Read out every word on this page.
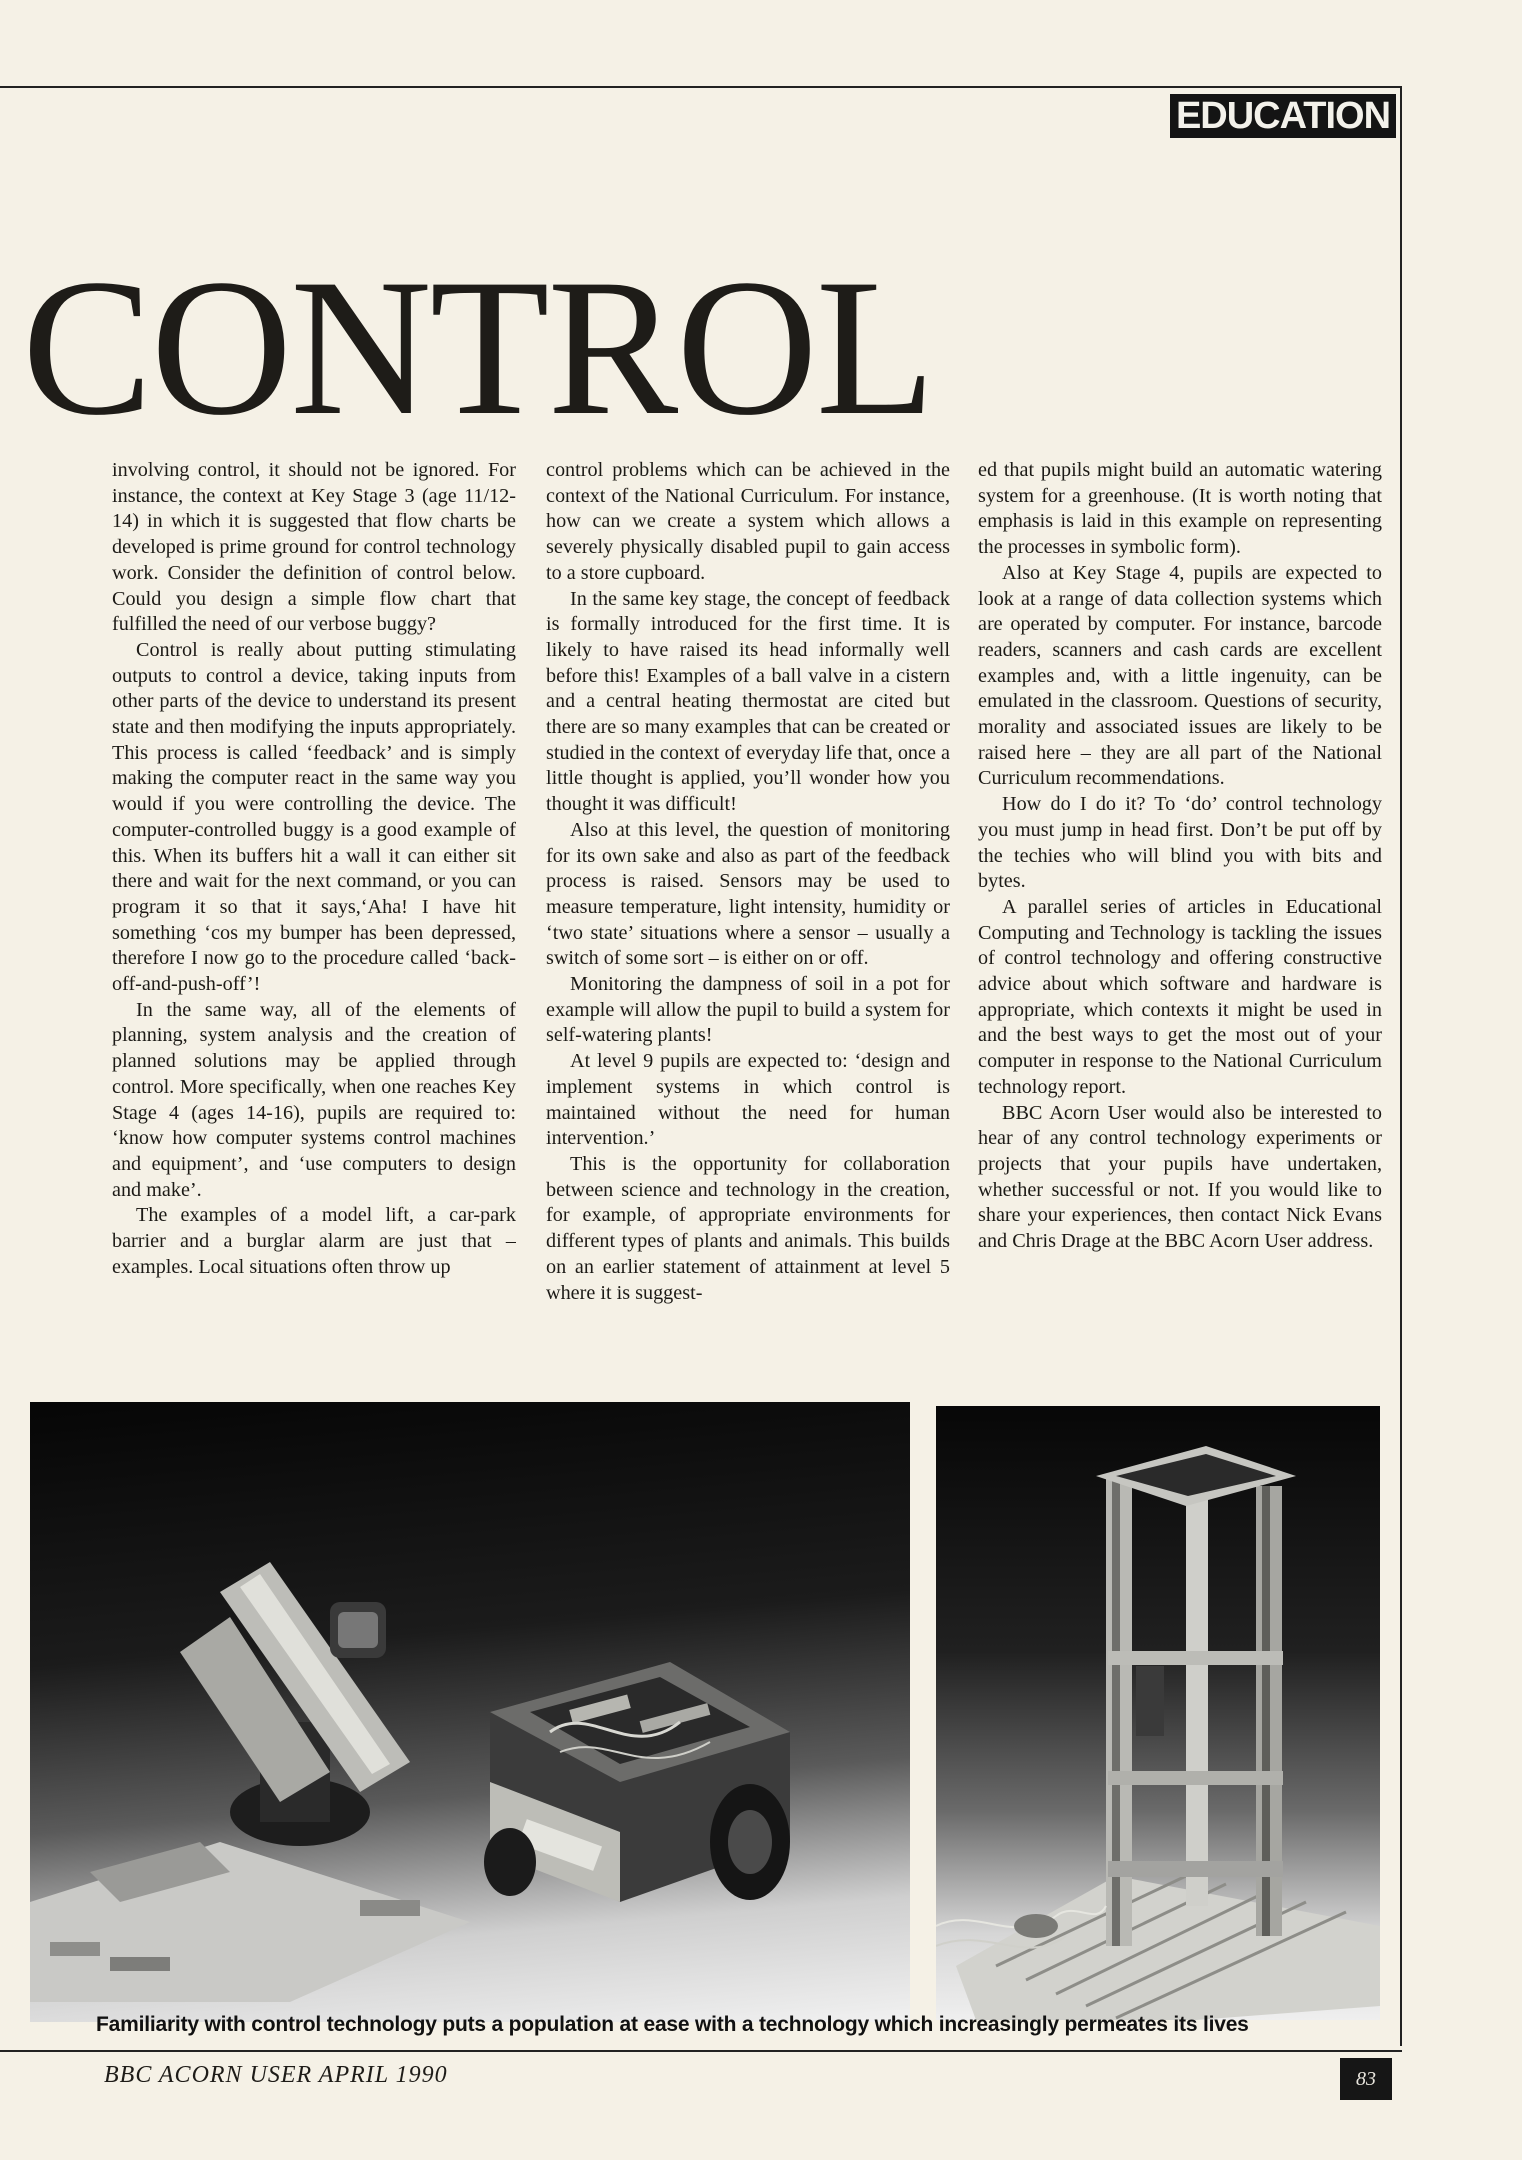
EDUCATION
CONTROL

involving control, it should not be ignored. For instance, the context at Key Stage 3 (age 11/12-14) in which it is suggested that flow charts be developed is prime ground for control technology work. Consider the definition of control below. Could you design a simple flow chart that fulfilled the need of our verbose buggy?

Control is really about putting stimulating outputs to control a device, taking inputs from other parts of the device to understand its present state and then modifying the inputs appropriately. This process is called ‘feedback’ and is simply making the computer react in the same way you would if you were controlling the device. The computer-controlled buggy is a good example of this. When its buffers hit a wall it can either sit there and wait for the next command, or you can program it so that it says,‘Aha! I have hit something ‘cos my bumper has been depressed, therefore I now go to the procedure called ‘back-off-and-push-off’!

In the same way, all of the elements of planning, system analysis and the creation of planned solutions may be applied through control. More specifically, when one reaches Key Stage 4 (ages 14-16), pupils are required to: ‘know how computer systems control machines and equipment’, and ‘use computers to design and make’.

The examples of a model lift, a car-park barrier and a burglar alarm are just that – examples. Local situations often throw up

control problems which can be achieved in the context of the National Curriculum. For instance, how can we create a system which allows a severely physically disabled pupil to gain access to a store cupboard.

In the same key stage, the concept of feedback is formally introduced for the first time. It is likely to have raised its head informally well before this! Examples of a ball valve in a cistern and a central heating thermostat are cited but there are so many examples that can be created or studied in the context of everyday life that, once a little thought is applied, you’ll wonder how you thought it was difficult!

Also at this level, the question of monitoring for its own sake and also as part of the feedback process is raised. Sensors may be used to measure temperature, light intensity, humidity or ‘two state’ situations where a sensor – usually a switch of some sort – is either on or off.

Monitoring the dampness of soil in a pot for example will allow the pupil to build a system for self-watering plants!

At level 9 pupils are expected to: ‘design and implement systems in which control is maintained without the need for human intervention.’

This is the opportunity for collaboration between science and technology in the creation, for example, of appropriate environments for different types of plants and animals. This builds on an earlier statement of attainment at level 5 where it is suggest-

ed that pupils might build an automatic watering system for a greenhouse. (It is worth noting that emphasis is laid in this example on representing the processes in symbolic form).

Also at Key Stage 4, pupils are expected to look at a range of data collection systems which are operated by computer. For instance, barcode readers, scanners and cash cards are excellent examples and, with a little ingenuity, can be emulated in the classroom. Questions of security, morality and associated issues are likely to be raised here – they are all part of the National Curriculum recommendations.

How do I do it? To ‘do’ control technology you must jump in head first. Don’t be put off by the techies who will blind you with bits and bytes.

A parallel series of articles in Educational Computing and Technology is tackling the issues of control technology and offering constructive advice about which software and hardware is appropriate, which contexts it might be used in and the best ways to get the most out of your computer in response to the National Curriculum technology report.

BBC Acorn User would also be interested to hear of any control technology experiments or projects that your pupils have undertaken, whether successful or not. If you would like to share your experiences, then contact Nick Evans and Chris Drage at the BBC Acorn User address.

Familiarity with control technology puts a population at ease with a technology which increasingly permeates its lives
BBC ACORN USER APRIL 1990	83
